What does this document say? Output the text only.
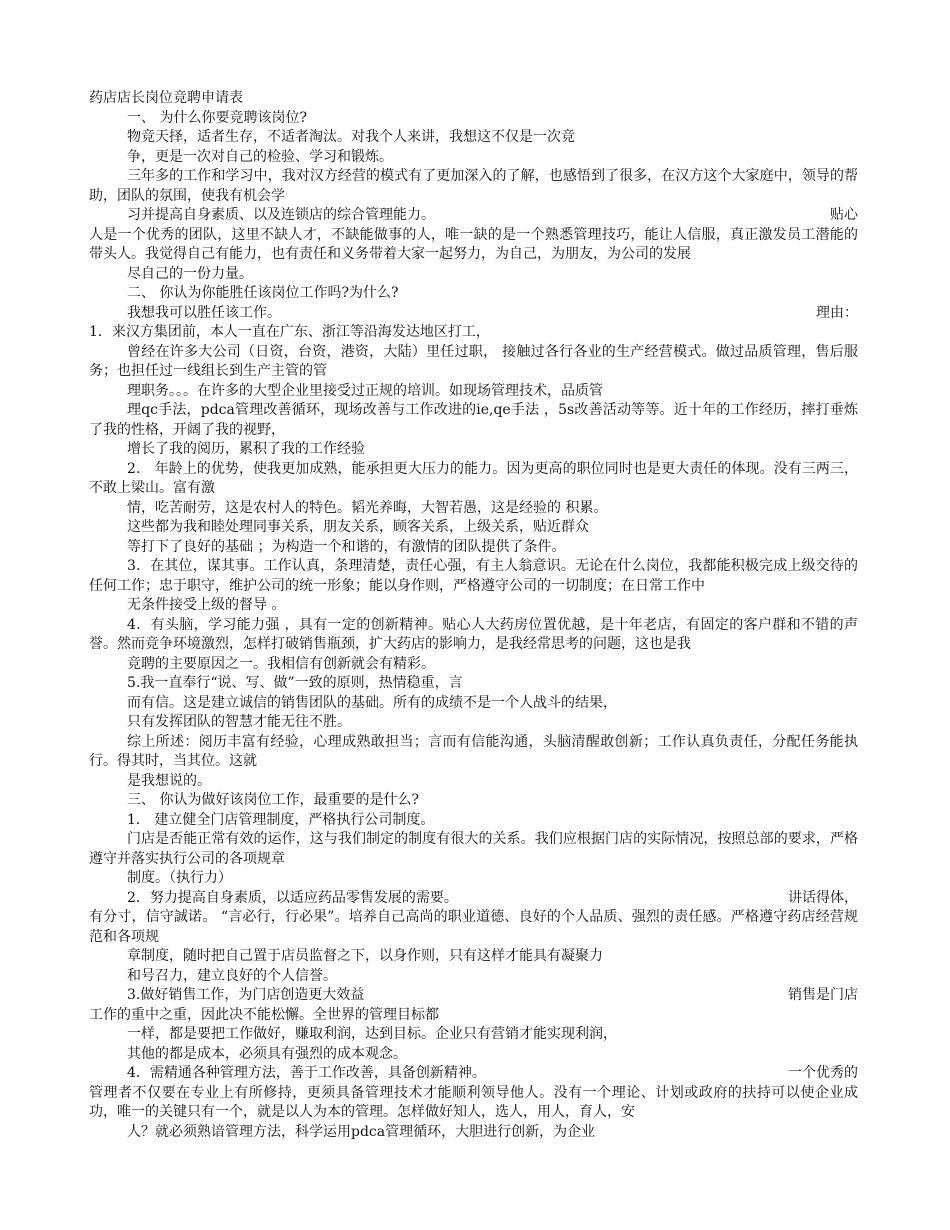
药店店长岗位竞聘申请表
一、 为什么你要竞聘该岗位?
物竞天择，适者生存，不适者淘汰。对我个人来讲，我想这不仅是一次竞
争，更是一次对自己的检验、学习和锻炼。
三年多的工作和学习中，我对汉方经营的模式有了更加深入的了解，也感悟到了很多，在汉方这个大家庭中，领导的帮助，团队的氛围，使我有机会学
习并提高自身素质、以及连锁店的综合管理能力。	贴心
人是一个优秀的团队，这里不缺人才，不缺能做事的人，唯一缺的是一个熟悉管理技巧，能让人信服，真正激发员工潜能的带头人。我觉得自己有能力，也有责任和义务带着大家一起努力，为自己，为朋友，为公司的发展
尽自己的一份力量。
二、 你认为你能胜任该岗位工作吗?为什么?
我想我可以胜任该工作。	理由：
1．来汉方集团前，本人一直在广东、浙江等沿海发达地区打工，
曾经在许多大公司（日资，台资，港资，大陆）里任过职， 接触过各行各业的生产经营模式。做过品质管理，售后服务；也担任过一线组长到生产主管的管
理职务。。。在许多的大型企业里接受过正规的培训。如现场管理技术，品质管
理qc手法，pdca管理改善循环，现场改善与工作改进的ie,qe手法 ，5s改善活动等等。近十年的工作经历，摔打垂炼了我的性格，开阔了我的视野，
增长了我的阅历，累积了我的工作经验
2． 年龄上的优势，使我更加成熟，能承担更大压力的能力。因为更高的职位同时也是更大责任的体现。没有三两三，不敢上梁山。富有激
情，吃苦耐劳，这是农村人的特色。韬光养晦，大智若愚，这是经验的 积累。
这些都为我和睦处理同事关系，朋友关系，顾客关系，上级关系，贴近群众
等打下了良好的基础 ；为构造一个和谐的，有激情的团队提供了条件。
3．在其位，谋其事。工作认真，条理清楚，责任心强，有主人翁意识。无论在什么岗位，我都能积极完成上级交待的任何工作；忠于职守，维护公司的统一形象；能以身作则，严格遵守公司的一切制度；在日常工作中
无条件接受上级的督导 。
4．有头脑，学习能力强 ，具有一定的创新精神。贴心人大药房位置优越，是十年老店，有固定的客户群和不错的声誉。然而竞争环境激烈，怎样打破销售瓶颈，扩大药店的影响力，是我经常思考的问题，这也是我
竞聘的主要原因之一。我相信有创新就会有精彩。
5.我一直奉行“说、写、做”一致的原则，热情稳重，言
而有信。这是建立诚信的销售团队的基础。所有的成绩不是一个人战斗的结果，
只有发挥团队的智慧才能无往不胜。
综上所述：阅历丰富有经验，心理成熟敢担当；言而有信能沟通，头脑清醒敢创新；工作认真负责任，分配任务能执行。得其时，当其位。这就
是我想说的。
三、 你认为做好该岗位工作，最重要的是什么?
1． 建立健全门店管理制度，严格执行公司制度。
门店是否能正常有效的运作，这与我们制定的制度有很大的关系。我们应根据门店的实际情况，按照总部的要求，严格遵守并落实执行公司的各项规章
制度。（执行力）
2．努力提高自身素质，以适应药品零售发展的需要。	讲话得体，
有分寸，信守誠诺。 “言必行，行必果”。培养自己高尚的职业道德、良好的个人品质、强烈的责任感。严格遵守药店经营规范和各项规
章制度，随时把自己置于店员监督之下，以身作则，只有这样才能具有凝聚力
和号召力，建立良好的个人信誉。
3.做好销售工作，为门店创造更大效益	销售是门店
工作的重中之重，因此决不能松懈。全世界的管理目标都
一样，都是要把工作做好，赚取利润，达到目标。企业只有营销才能实现利润，
其他的都是成本，必须具有强烈的成本观念。
4．需精通各种管理方法，善于工作改善，具备创新精神。	一个优秀的
管理者不仅要在专业上有所修持，更须具备管理技术才能顺利领导他人。没有一个理论、计划或政府的扶持可以使企业成功，唯一的关键只有一个，就是以人为本的管理。怎样做好知人，选人，用人，育人，安
人？就必须熟谙管理方法，科学运用pdca管理循环，大胆进行创新，为企业
